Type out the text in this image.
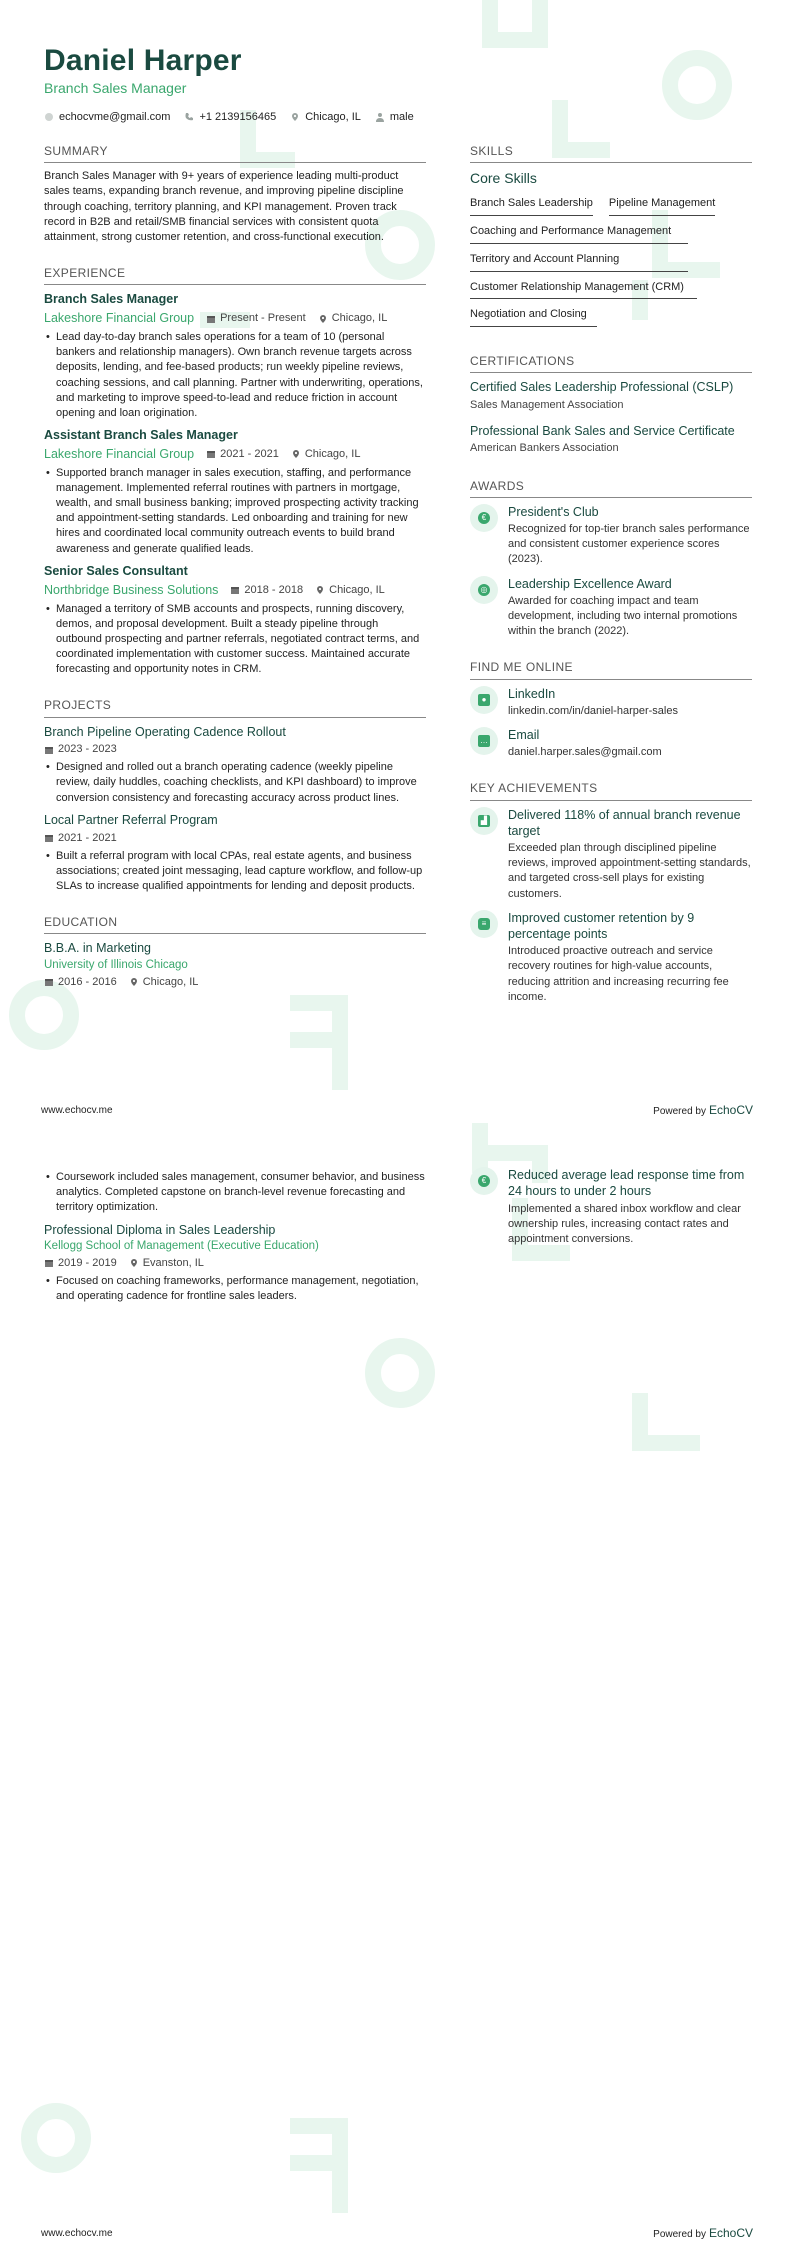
Daniel Harper
Branch Sales Manager
echocvme@gmail.com	+1 2139156465	Chicago, IL	male
SUMMARY
Branch Sales Manager with 9+ years of experience leading multi-product sales teams, expanding branch revenue, and improving pipeline discipline through coaching, territory planning, and KPI management. Proven track record in B2B and retail/SMB financial services with consistent quota attainment, strong customer retention, and cross-functional execution.
EXPERIENCE
Branch Sales Manager
Lakeshore Financial Group Present - Present Chicago, IL
• Lead day-to-day branch sales operations for a team of 10 (personal bankers and relationship managers). Own branch revenue targets across deposits, lending, and fee-based products; run weekly pipeline reviews, coaching sessions, and call planning. Partner with underwriting, operations, and marketing to improve speed-to-lead and reduce friction in account opening and loan origination.
Assistant Branch Sales Manager
Lakeshore Financial Group 2021 - 2021 Chicago, IL
• Supported branch manager in sales execution, staffing, and performance management. Implemented referral routines with partners in mortgage, wealth, and small business banking; improved prospecting activity tracking and appointment-setting standards. Led onboarding and training for new hires and coordinated local community outreach events to build brand awareness and generate qualified leads.
Senior Sales Consultant
Northbridge Business Solutions 2018 - 2018 Chicago, IL
• Managed a territory of SMB accounts and prospects, running discovery, demos, and proposal development. Built a steady pipeline through outbound prospecting and partner referrals, negotiated contract terms, and coordinated implementation with customer success. Maintained accurate forecasting and opportunity notes in CRM.
PROJECTS
Branch Pipeline Operating Cadence Rollout
2023 - 2023
• Designed and rolled out a branch operating cadence (weekly pipeline review, daily huddles, coaching checklists, and KPI dashboard) to improve conversion consistency and forecasting accuracy across product lines.
Local Partner Referral Program
2021 - 2021
• Built a referral program with local CPAs, real estate agents, and business associations; created joint messaging, lead capture workflow, and follow-up SLAs to increase qualified appointments for lending and deposit products.
EDUCATION
B.B.A. in Marketing
University of Illinois Chicago
2016 - 2016 Chicago, IL
SKILLS
Core Skills
Branch Sales Leadership Pipeline Management
Coaching and Performance Management
Territory and Account Planning
Customer Relationship Management (CRM)
Negotiation and Closing
CERTIFICATIONS
Certified Sales Leadership Professional (CSLP)
Sales Management Association
Professional Bank Sales and Service Certificate
American Bankers Association
AWARDS
€	President's Club
Recognized for top-tier branch sales performance and consistent customer experience scores (2023).
◎ Leadership Excellence Award
Awarded for coaching impact and team development, including two internal promotions within the branch (2022).
FIND ME ONLINE
● LinkedIn
linkedin.com/in/daniel-harper-sales
… Email
daniel.harper.sales@gmail.com
KEY ACHIEVEMENTS
▟ Delivered 118% of annual branch revenue target
Exceeded plan through disciplined pipeline reviews, improved appointment-setting standards, and targeted cross-sell plays for existing customers.
≡ Improved customer retention by 9 percentage points
Introduced proactive outreach and service recovery routines for high-value accounts, reducing attrition and increasing recurring fee income.
www.echocv.me	Powered by EchoCV
• Coursework included sales management, consumer behavior, and business analytics. Completed capstone on branch-level revenue forecasting and territory optimization.
Professional Diploma in Sales Leadership
Kellogg School of Management (Executive Education)
2019 - 2019 Evanston, IL
• Focused on coaching frameworks, performance management, negotiation, and operating cadence for frontline sales leaders.
€	Reduced average lead response time from 24 hours to under 2 hours
Implemented a shared inbox workflow and clear ownership rules, increasing contact rates and appointment conversions.
www.echocv.me	Powered by EchoCV
